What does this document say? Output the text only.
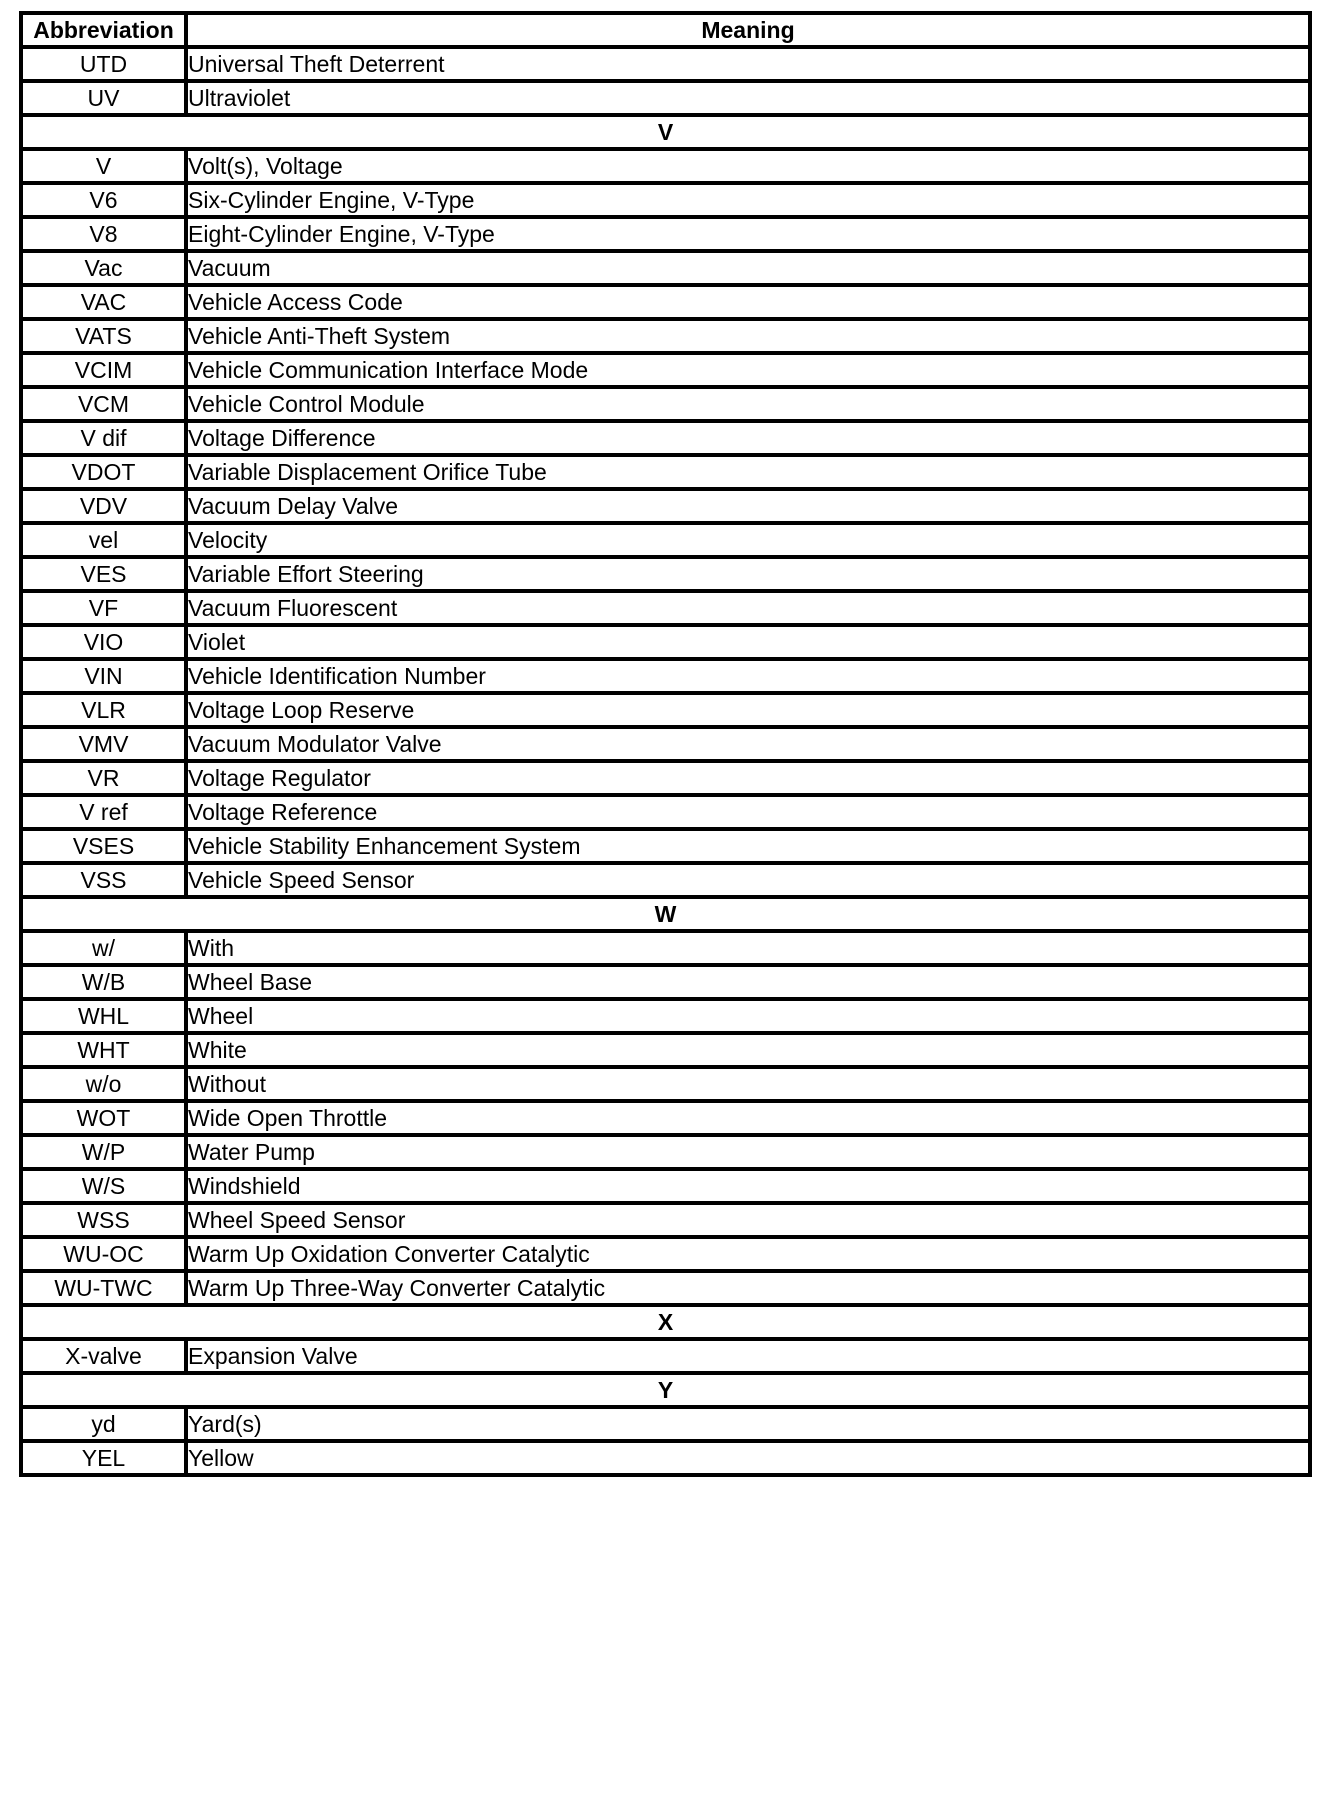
Abbreviation	Meaning
UTD	Universal Theft Deterrent
UV	Ultraviolet
V	
V	Volt(s), Voltage
V6	Six-Cylinder Engine, V-Type
V8	Eight-Cylinder Engine, V-Type
Vac	Vacuum
VAC	Vehicle Access Code
VATS	Vehicle Anti-Theft System
VCIM	Vehicle Communication Interface Mode
VCM	Vehicle Control Module
V dif	Voltage Difference
VDOT	Variable Displacement Orifice Tube
VDV	Vacuum Delay Valve
vel	Velocity
VES	Variable Effort Steering
VF	Vacuum Fluorescent
VIO	Violet
VIN	Vehicle Identification Number
VLR	Voltage Loop Reserve
VMV	Vacuum Modulator Valve
VR	Voltage Regulator
V ref	Voltage Reference
VSES	Vehicle Stability Enhancement System
VSS	Vehicle Speed Sensor
W	
w/	With
W/B	Wheel Base
WHL	Wheel
WHT	White
w/o	Without
WOT	Wide Open Throttle
W/P	Water Pump
W/S	Windshield
WSS	Wheel Speed Sensor
WU-OC	Warm Up Oxidation Converter Catalytic
WU-TWC	Warm Up Three-Way Converter Catalytic
X	
X-valve	Expansion Valve
Y	
yd	Yard(s)
YEL	Yellow
